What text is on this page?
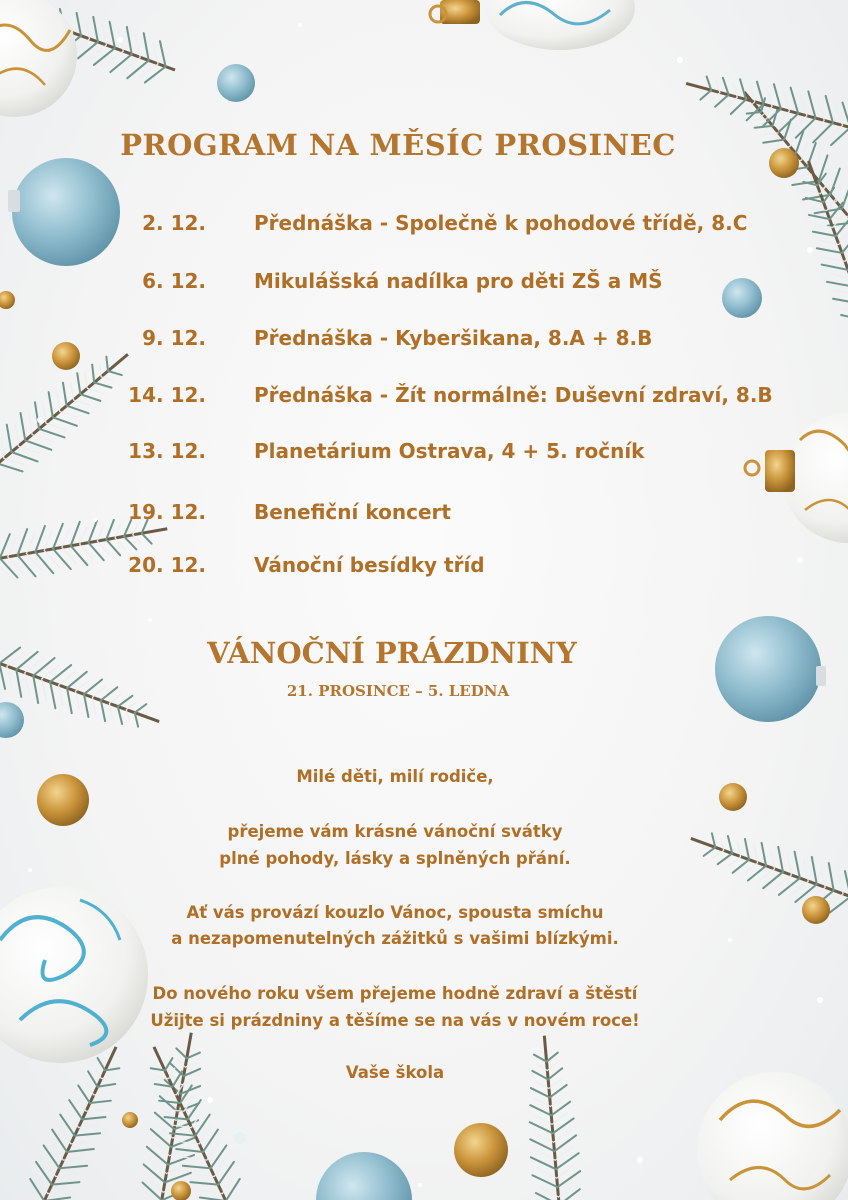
PROGRAM NA MĚSÍC PROSINEC
2. 12. Přednáška - Společně k pohodové třídě, 8.C
6. 12. Mikulášská nadílka pro děti ZŠ a MŠ
9. 12. Přednáška - Kyberšikana, 8.A + 8.B
14. 12. Přednáška - Žít normálně: Duševní zdraví, 8.B
13. 12. Planetárium Ostrava, 4 + 5. ročník
19. 12. Benefiční koncert
20. 12. Vánoční besídky tříd
VÁNOČNÍ PRÁZDNINY
21. PROSINCE – 5. LEDNA
Milé děti, milí rodiče,
přejeme vám krásné vánoční svátky
plné pohody, lásky a splněných přání.
Ať vás provází kouzlo Vánoc, spousta smíchu
a nezapomenutelných zážitků s vašimi blízkými.
Do nového roku všem přejeme hodně zdraví a štěstí
Užijte si prázdniny a těšíme se na vás v novém roce!
Vaše škola
